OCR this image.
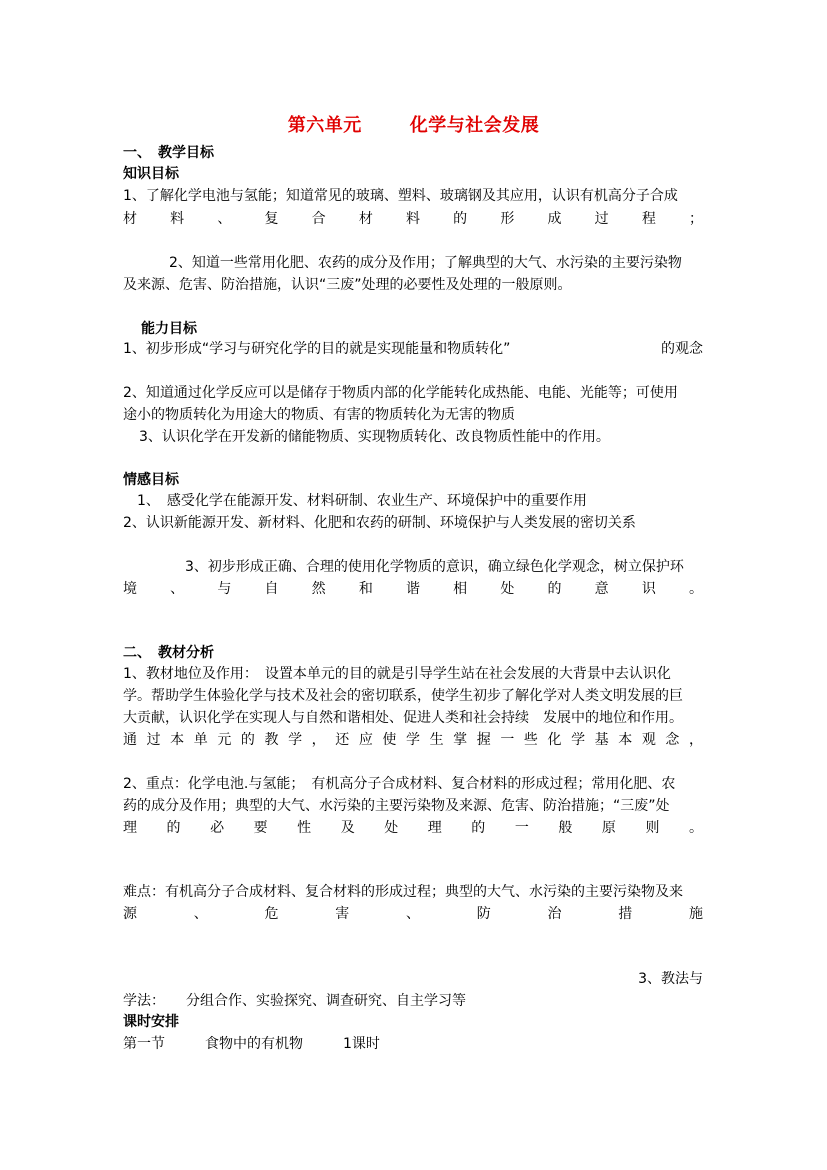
第六单元	化学与社会发展
一、　教学目标
知识目标
1、了解化学电池与氢能；知道常见的玻璃、塑料、玻璃钢及其应用，认识有机高分子合成
材料、复合材料的形成过程；
2、知道一些常用化肥、农药的成分及作用；了解典型的大气、水污染的主要污染物
及来源、危害、防治措施，认识“三废”处理的必要性及处理的一般原则。
能力目标
1、初步形成“学习与研究化学的目的就是实现能量和物质转化”	的观念
2、知道通过化学反应可以是储存于物质内部的化学能转化成热能、电能、光能等；可使用
途小的物质转化为用途大的物质、有害的物质转化为无害的物质
3、认识化学在开发新的储能物质、实现物质转化、改良物质性能中的作用。
情感目标
1、　感受化学在能源开发、材料研制、农业生产、环境保护中的重要作用
2、认识新能源开发、新材料、化肥和农药的研制、环境保护与人类发展的密切关系
3、初步形成正确、合理的使用化学物质的意识，确立绿色化学观念，树立保护环
境、与自然和谐相处的意识。
二、　教材分析
1、教材地位及作用：　设置本单元的目的就是引导学生站在社会发展的大背景中去认识化
学。帮助学生体验化学与技术及社会的密切联系，使学生初步了解化学对人类文明发展的巨
大贡献，认识化学在实现人与自然和谐相处、促进人类和社会持续　发展中的地位和作用。
通过本单元的教学，还应使学生掌握一些化学基本观念，
2、重点：化学电池.与氢能；　有机高分子合成材料、复合材料的形成过程；常用化肥、农
药的成分及作用；典型的大气、水污染的主要污染物及来源、危害、防治措施；“三废”处
理的必要性及处理的一般原则。
难点：有机高分子合成材料、复合材料的形成过程；典型的大气、水污染的主要污染物及来
源、危害、防治措施
3、教法与
学法：　　分组合作、实验探究、调查研究、自主学习等
课时安排
第一节	食物中的有机物	1课时
